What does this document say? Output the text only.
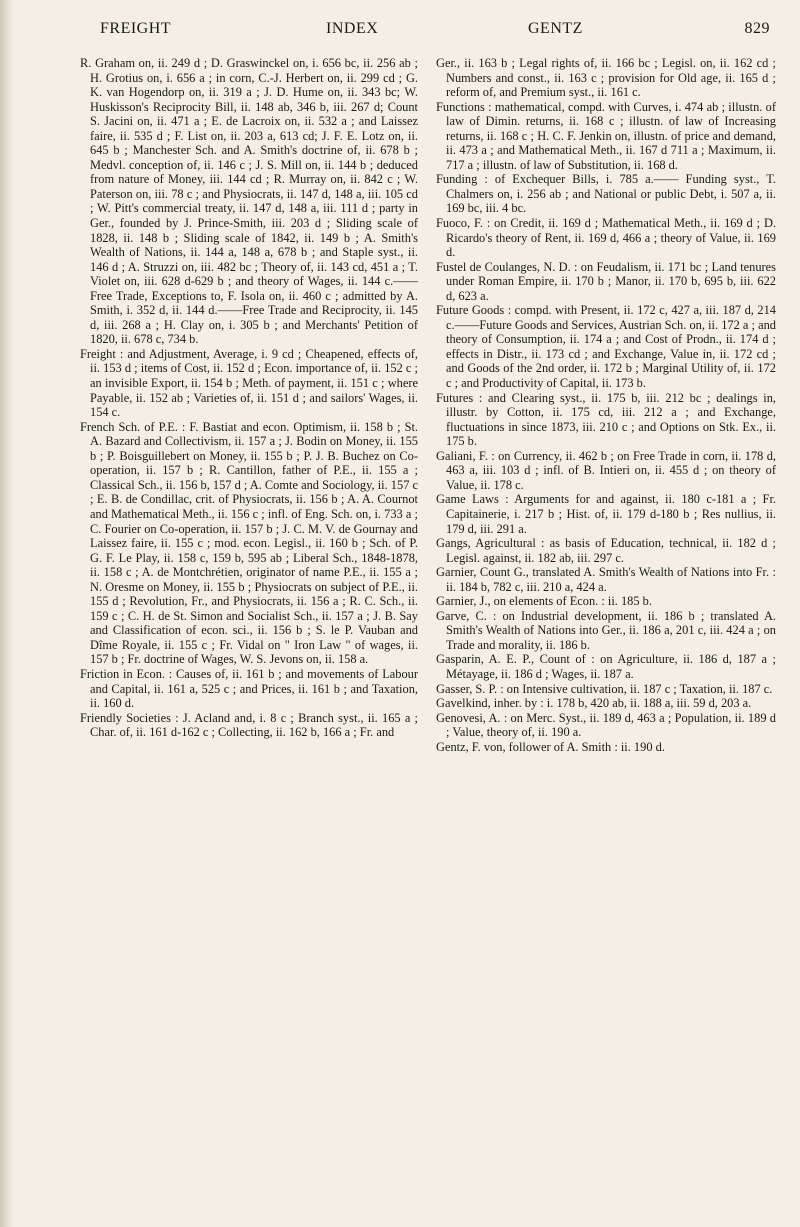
FREIGHT	INDEX	GENTZ	829

R. Graham on, ii. 249 d ; D. Graswinckel on, i. 656 bc, ii. 256 ab ; H. Grotius on, i. 656 a ; in corn, C.-J. Herbert on, ii. 299 cd ; G. K. van Hogendorp on, ii. 319 a ; J. D. Hume on, ii. 343 bc; W. Huskisson's Reciprocity Bill, ii. 148 ab, 346 b, iii. 267 d; Count S. Jacini on, ii. 471 a ; E. de Lacroix on, ii. 532 a ; and Laissez faire, ii. 535 d ; F. List on, ii. 203 a, 613 cd; J. F. E. Lotz on, ii. 645 b ; Manchester Sch. and A. Smith's doctrine of, ii. 678 b ; Medvl. conception of, ii. 146 c ; J. S. Mill on, ii. 144 b ; deduced from nature of Money, iii. 144 cd ; R. Murray on, ii. 842 c ; W. Paterson on, iii. 78 c ; and Physiocrats, ii. 147 d, 148 a, iii. 105 cd ; W. Pitt's commercial treaty, ii. 147 d, 148 a, iii. 111 d ; party in Ger., founded by J. Prince-Smith, iii. 203 d ; Sliding scale of 1828, ii. 148 b ; Sliding scale of 1842, ii. 149 b ; A. Smith's Wealth of Nations, ii. 144 a, 148 a, 678 b ; and Staple syst., ii. 146 d ; A. Struzzi on, iii. 482 bc ; Theory of, ii. 143 cd, 451 a ; T. Violet on, iii. 628 d-629 b ; and theory of Wages, ii. 144 c.——Free Trade, Exceptions to, F. Isola on, ii. 460 c ; admitted by A. Smith, i. 352 d, ii. 144 d.——Free Trade and Reciprocity, ii. 145 d, iii. 268 a ; H. Clay on, i. 305 b ; and Merchants' Petition of 1820, ii. 678 c, 734 b.

Freight : and Adjustment, Average, i. 9 cd ; Cheapened, effects of, ii. 153 d ; items of Cost, ii. 152 d ; Econ. importance of, ii. 152 c ; an invisible Export, ii. 154 b ; Meth. of payment, ii. 151 c ; where Payable, ii. 152 ab ; Varieties of, ii. 151 d ; and sailors' Wages, ii. 154 c.

French Sch. of P.E. : F. Bastiat and econ. Optimism, ii. 158 b ; St. A. Bazard and Collectivism, ii. 157 a ; J. Bodin on Money, ii. 155 b ; P. Boisguillebert on Money, ii. 155 b ; P. J. B. Buchez on Co-operation, ii. 157 b ; R. Cantillon, father of P.E., ii. 155 a ; Classical Sch., ii. 156 b, 157 d ; A. Comte and Sociology, ii. 157 c ; E. B. de Condillac, crit. of Physiocrats, ii. 156 b ; A. A. Cournot and Mathematical Meth., ii. 156 c ; infl. of Eng. Sch. on, i. 733 a ; C. Fourier on Co-operation, ii. 157 b ; J. C. M. V. de Gournay and Laissez faire, ii. 155 c ; mod. econ. Legisl., ii. 160 b ; Sch. of P. G. F. Le Play, ii. 158 c, 159 b, 595 ab ; Liberal Sch., 1848-1878, ii. 158 c ; A. de Montchrétien, originator of name P.E., ii. 155 a ; N. Oresme on Money, ii. 155 b ; Physiocrats on subject of P.E., ii. 155 d ; Revolution, Fr., and Physiocrats, ii. 156 a ; R. C. Sch., ii. 159 c ; C. H. de St. Simon and Socialist Sch., ii. 157 a ; J. B. Say and Classification of econ. sci., ii. 156 b ; S. le P. Vauban and Dîme Royale, ii. 155 c ; Fr. Vidal on " Iron Law " of wages, ii. 157 b ; Fr. doctrine of Wages, W. S. Jevons on, ii. 158 a.

Friction in Econ. : Causes of, ii. 161 b ; and movements of Labour and Capital, ii. 161 a, 525 c ; and Prices, ii. 161 b ; and Taxation, ii. 160 d.

Friendly Societies : J. Acland and, i. 8 c ; Branch syst., ii. 165 a ; Char. of, ii. 161 d-162 c ; Collecting, ii. 162 b, 166 a ; Fr. and

Ger., ii. 163 b ; Legal rights of, ii. 166 bc ; Legisl. on, ii. 162 cd ; Numbers and const., ii. 163 c ; provision for Old age, ii. 165 d ; reform of, and Premium syst., ii. 161 c.

Functions : mathematical, compd. with Curves, i. 474 ab ; illustn. of law of Dimin. returns, ii. 168 c ; illustn. of law of Increasing returns, ii. 168 c ; H. C. F. Jenkin on, illustn. of price and demand, ii. 473 a ; and Mathematical Meth., ii. 167 d 711 a ; Maximum, ii. 717 a ; illustn. of law of Substitution, ii. 168 d.

Funding : of Exchequer Bills, i. 785 a.—— Funding syst., T. Chalmers on, i. 256 ab ; and National or public Debt, i. 507 a, ii. 169 bc, iii. 4 bc.

Fuoco, F. : on Credit, ii. 169 d ; Mathematical Meth., ii. 169 d ; D. Ricardo's theory of Rent, ii. 169 d, 466 a ; theory of Value, ii. 169 d.

Fustel de Coulanges, N. D. : on Feudalism, ii. 171 bc ; Land tenures under Roman Empire, ii. 170 b ; Manor, ii. 170 b, 695 b, iii. 622 d, 623 a.

Future Goods : compd. with Present, ii. 172 c, 427 a, iii. 187 d, 214 c.——Future Goods and Services, Austrian Sch. on, ii. 172 a ; and theory of Consumption, ii. 174 a ; and Cost of Prodn., ii. 174 d ; effects in Distr., ii. 173 cd ; and Exchange, Value in, ii. 172 cd ; and Goods of the 2nd order, ii. 172 b ; Marginal Utility of, ii. 172 c ; and Productivity of Capital, ii. 173 b.

Futures : and Clearing syst., ii. 175 b, iii. 212 bc ; dealings in, illustr. by Cotton, ii. 175 cd, iii. 212 a ; and Exchange, fluctuations in since 1873, iii. 210 c ; and Options on Stk. Ex., ii. 175 b.

Galiani, F. : on Currency, ii. 462 b ; on Free Trade in corn, ii. 178 d, 463 a, iii. 103 d ; infl. of B. Intieri on, ii. 455 d ; on theory of Value, ii. 178 c.

Game Laws : Arguments for and against, ii. 180 c-181 a ; Fr. Capitainerie, i. 217 b ; Hist. of, ii. 179 d-180 b ; Res nullius, ii. 179 d, iii. 291 a.

Gangs, Agricultural : as basis of Education, technical, ii. 182 d ; Legisl. against, ii. 182 ab, iii. 297 c.

Garnier, Count G., translated A. Smith's Wealth of Nations into Fr. : ii. 184 b, 782 c, iii. 210 a, 424 a.

Garnier, J., on elements of Econ. : ii. 185 b.

Garve, C. : on Industrial development, ii. 186 b ; translated A. Smith's Wealth of Nations into Ger., ii. 186 a, 201 c, iii. 424 a ; on Trade and morality, ii. 186 b.

Gasparin, A. E. P., Count of : on Agriculture, ii. 186 d, 187 a ; Métayage, ii. 186 d ; Wages, ii. 187 a.

Gasser, S. P. : on Intensive cultivation, ii. 187 c ; Taxation, ii. 187 c.

Gavelkind, inher. by : i. 178 b, 420 ab, ii. 188 a, iii. 59 d, 203 a.

Genovesi, A. : on Merc. Syst., ii. 189 d, 463 a ; Population, ii. 189 d ; Value, theory of, ii. 190 a.

Gentz, F. von, follower of A. Smith : ii. 190 d.
